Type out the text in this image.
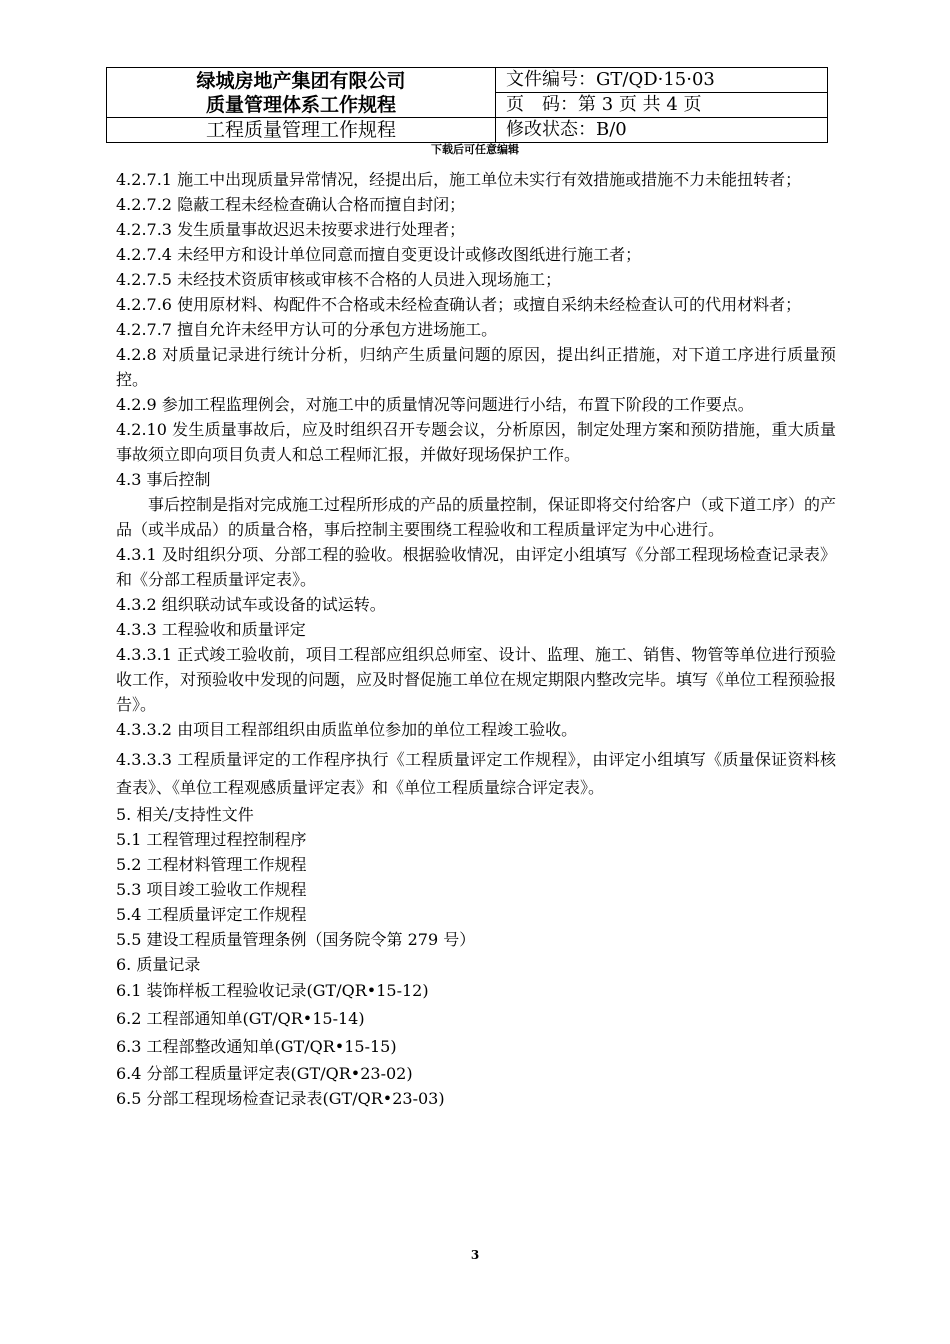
绿城房地产集团有限公司
质量管理体系工作规程	文件编号：GT/QD·15·03
	页　码：第 3 页 共 4 页
工程质量管理工作规程	修改状态：B/0
下载后可任意编辑

4.2.7.1 施工中出现质量异常情况，经提出后，施工单位未实行有效措施或措施不力未能扭转者；

4.2.7.2 隐蔽工程未经检查确认合格而擅自封闭；

4.2.7.3 发生质量事故迟迟未按要求进行处理者；

4.2.7.4 未经甲方和设计单位同意而擅自变更设计或修改图纸进行施工者；

4.2.7.5 未经技术资质审核或审核不合格的人员进入现场施工；

4.2.7.6 使用原材料、构配件不合格或未经检查确认者；或擅自采纳未经检查认可的代用材料者；

4.2.7.7 擅自允许未经甲方认可的分承包方进场施工。

4.2.8 对质量记录进行统计分析，归纳产生质量问题的原因，提出纠正措施，对下道工序进行质量预控。

4.2.9 参加工程监理例会，对施工中的质量情况等问题进行小结，布置下阶段的工作要点。

4.2.10 发生质量事故后，应及时组织召开专题会议，分析原因，制定处理方案和预防措施，重大质量事故须立即向项目负责人和总工程师汇报，并做好现场保护工作。

4.3 事后控制

事后控制是指对完成施工过程所形成的产品的质量控制，保证即将交付给客户（或下道工序）的产品（或半成品）的质量合格，事后控制主要围绕工程验收和工程质量评定为中心进行。

4.3.1 及时组织分项、分部工程的验收。根据验收情况，由评定小组填写《分部工程现场检查记录表》和《分部工程质量评定表》。

4.3.2 组织联动试车或设备的试运转。

4.3.3 工程验收和质量评定

4.3.3.1 正式竣工验收前，项目工程部应组织总师室、设计、监理、施工、销售、物管等单位进行预验收工作，对预验收中发现的问题，应及时督促施工单位在规定期限内整改完毕。填写《单位工程预验报告》。

4.3.3.2 由项目工程部组织由质监单位参加的单位工程竣工验收。

4.3.3.3 工程质量评定的工作程序执行《工程质量评定工作规程》，由评定小组填写《质量保证资料核查表》、《单位工程观感质量评定表》和《单位工程质量综合评定表》。

5. 相关/支持性文件

5.1 工程管理过程控制程序

5.2 工程材料管理工作规程

5.3 项目竣工验收工作规程

5.4 工程质量评定工作规程

5.5 建设工程质量管理条例（国务院令第 279 号）

6. 质量记录

6.1 装饰样板工程验收记录(GT/QR•15-12)

6.2 工程部通知单(GT/QR•15-14)

6.3 工程部整改通知单(GT/QR•15-15)

6.4 分部工程质量评定表(GT/QR•23-02)

6.5 分部工程现场检查记录表(GT/QR•23-03)

3
